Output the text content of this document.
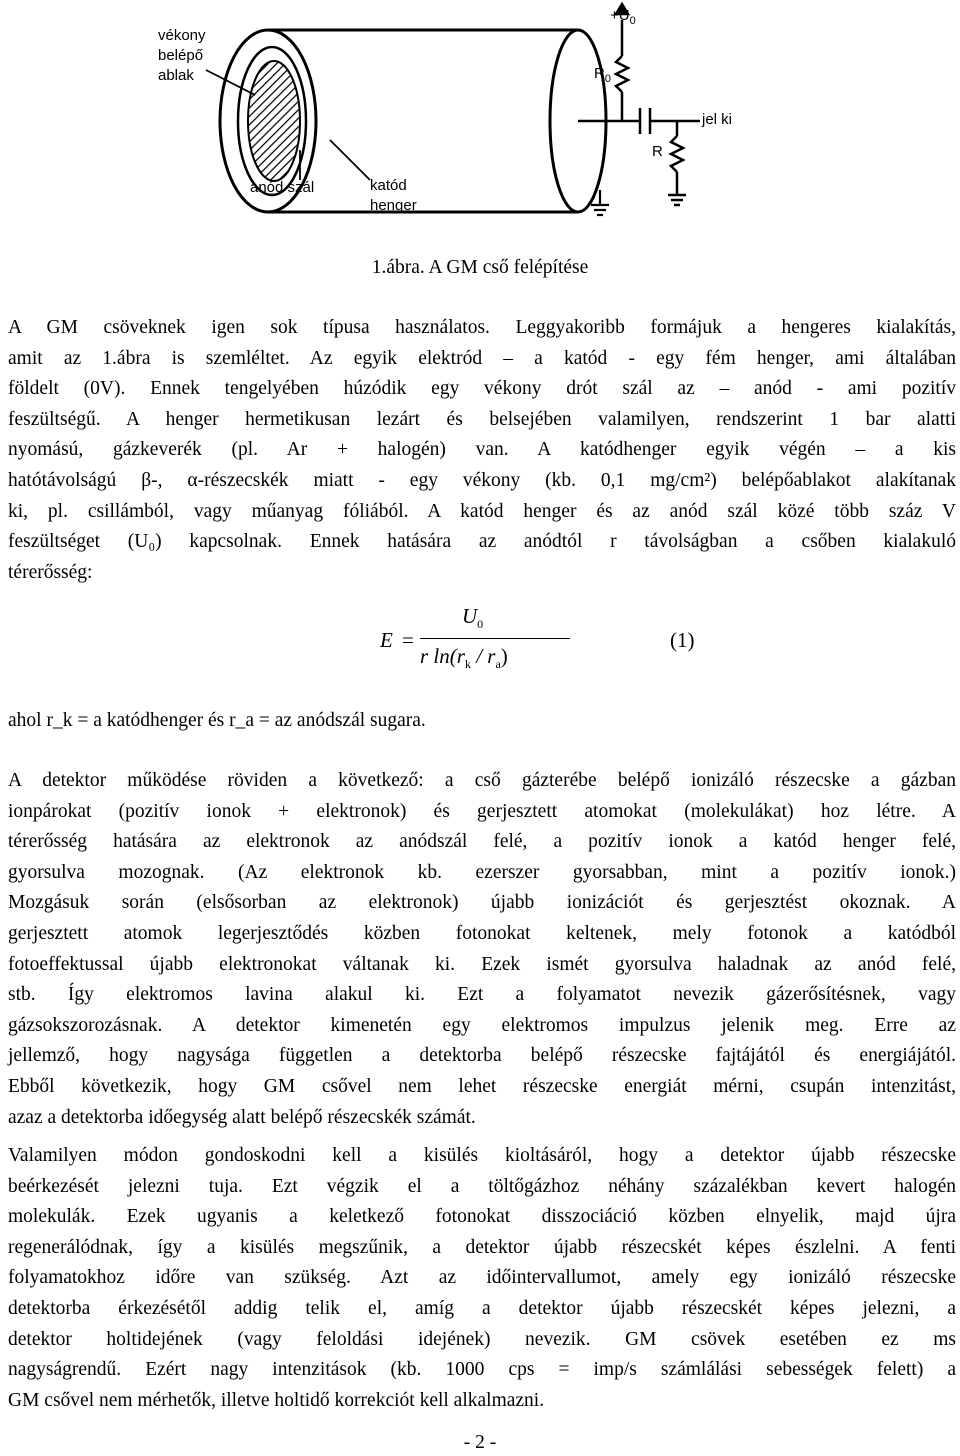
vékony
belépő
ablak
anód szál	katód
henger
$+U_0$
$R_0$
R
jel ki
1.ábra. A GM cső felépítése
A GM csöveknek igen sok típusa használatos. Leggyakoribb formájuk a hengeres kialakítás,
amit az 1.ábra is szemléltet. Az egyik elektród – a katód - egy fém henger, ami általában
földelt (0V). Ennek tengelyében húzódik egy vékony drót szál az – anód - ami pozitív
feszültségű. A henger hermetikusan lezárt és belsejében valamilyen, rendszerint 1 bar alatti
nyomású, gázkeverék (pl. Ar + halogén) van. A katódhenger egyik végén – a kis
hatótávolságú β-, α-részecskék miatt - egy vékony (kb. 0,1 mg/cm²) belépőablakot alakítanak
ki, pl. csillámból, vagy műanyag fóliából. A katód henger és az anód szál közé több száz V
feszültséget (U₀) kapcsolnak. Ennek hatására az anódtól r távolságban a csőben kialakuló
térerősség:
E =
$U_0$
r $\ln(r_k / r_a)$
(1)
ahol r_k = a katódhenger és r_a = az anódszál sugara.
A detektor működése röviden a következő: a cső gázterébe belépő ionizáló részecske a gázban
ionpárokat (pozitív ionok + elektronok) és gerjesztett atomokat (molekulákat) hoz létre. A
térerősség hatására az elektronok az anódszál felé, a pozitív ionok a katód henger felé,
gyorsulva mozognak. (Az elektronok kb. ezerszer gyorsabban, mint a pozitív ionok.)
Mozgásuk során (elsősorban az elektronok) újabb ionizációt és gerjesztést okoznak. A
gerjesztett atomok legerjesztődés közben fotonokat keltenek, mely fotonok a katódból
fotoeffektussal újabb elektronokat váltanak ki. Ezek ismét gyorsulva haladnak az anód felé,
stb. Így elektromos lavina alakul ki. Ezt a folyamatot nevezik gázerősítésnek, vagy
gázsokszorozásnak. A detektor kimenetén egy elektromos impulzus jelenik meg. Erre az
jellemző, hogy nagysága független a detektorba belépő részecske fajtájától és energiájától.
Ebből következik, hogy GM csővel nem lehet részecske energiát mérni, csupán intenzitást,
azaz a detektorba időegység alatt belépő részecskék számát.
Valamilyen módon gondoskodni kell a kisülés kioltásáról, hogy a detektor újabb részecske
beérkezését jelezni tuja. Ezt végzik el a töltőgázhoz néhány százalékban kevert halogén
molekulák. Ezek ugyanis a keletkező fotonokat disszociáció közben elnyelik, majd újra
regenerálódnak, így a kisülés megszűnik, a detektor újabb részecskét képes észlelni. A fenti
folyamatokhoz időre van szükség. Azt az időintervallumot, amely egy ionizáló részecske
detektorba érkezésétől addig telik el, amíg a detektor újabb részecskét képes jelezni, a
detektor holtidejének (vagy feloldási idejének) nevezik. GM csövek esetében ez ms
nagyságrendű. Ezért nagy intenzitások (kb. 1000 cps = imp/s számlálási sebességek felett) a
GM csővel nem mérhetők, illetve holtidő korrekciót kell alkalmazni.
- 2 -
